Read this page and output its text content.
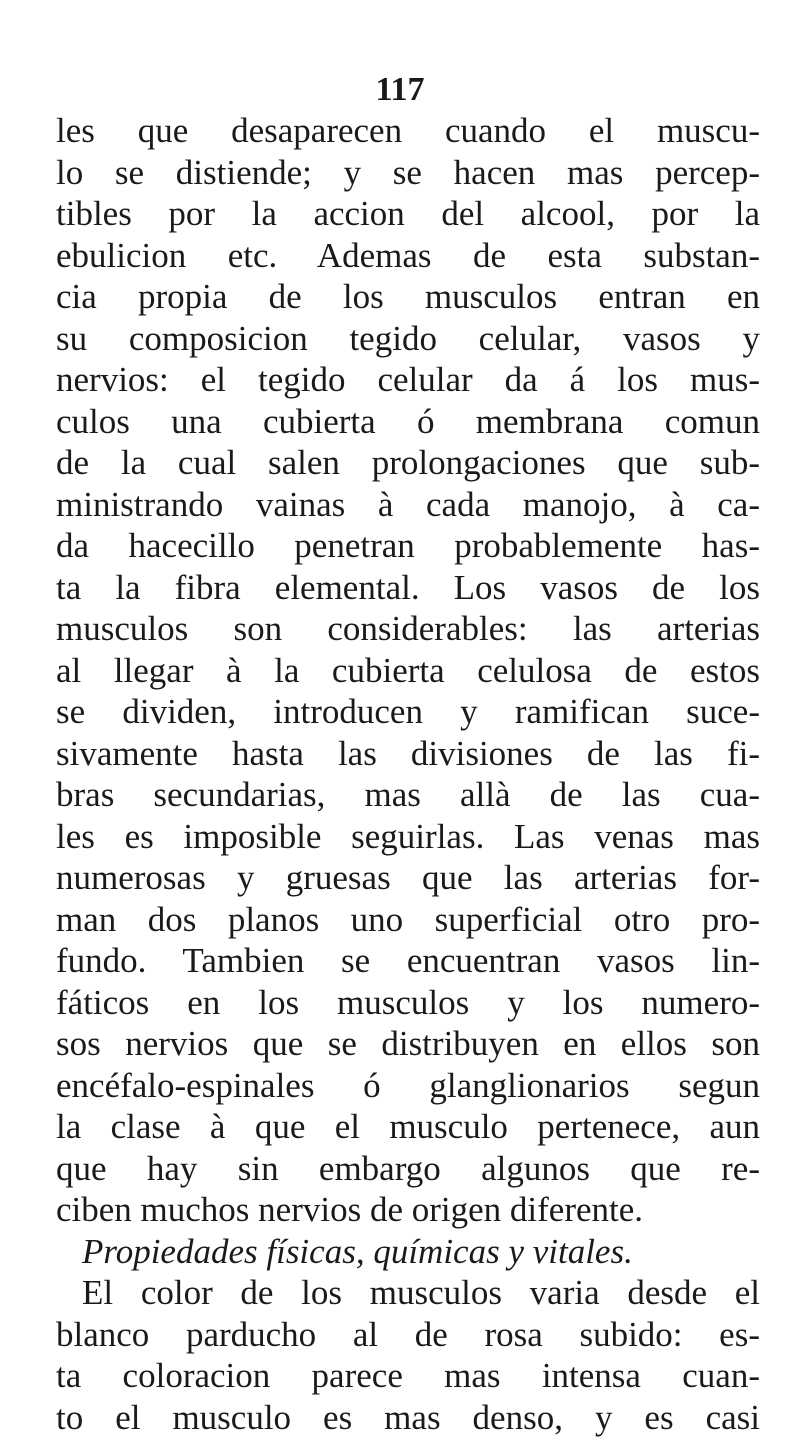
117
les que desaparecen cuando el muscu-
lo se distiende; y se hacen mas percep-
tibles por la accion del alcool, por la
ebulicion etc. Ademas de esta substan-
cia propia de los musculos entran en
su composicion tegido celular, vasos y
nervios: el tegido celular da á los mus-
culos una cubierta ó membrana comun
de la cual salen prolongaciones que sub-
ministrando vainas à cada manojo, à ca-
da hacecillo penetran probablemente has-
ta la fibra elemental. Los vasos de los
musculos son considerables: las arterias
al llegar à la cubierta celulosa de estos
se dividen, introducen y ramifican suce-
sivamente hasta las divisiones de las fi-
bras secundarias, mas allà de las cua-
les es imposible seguirlas. Las venas mas
numerosas y gruesas que las arterias for-
man dos planos uno superficial otro pro-
fundo. Tambien se encuentran vasos lin-
fáticos en los musculos y los numero-
sos nervios que se distribuyen en ellos son
encéfalo-espinales ó glanglionarios segun
la clase à que el musculo pertenece, aun
que hay sin embargo algunos que re-
ciben muchos nervios de origen diferente.
Propiedades físicas, químicas y vitales.
El color de los musculos varia desde el
blanco parducho al de rosa subido: es-
ta coloracion parece mas intensa cuan-
to el musculo es mas denso, y es casi
